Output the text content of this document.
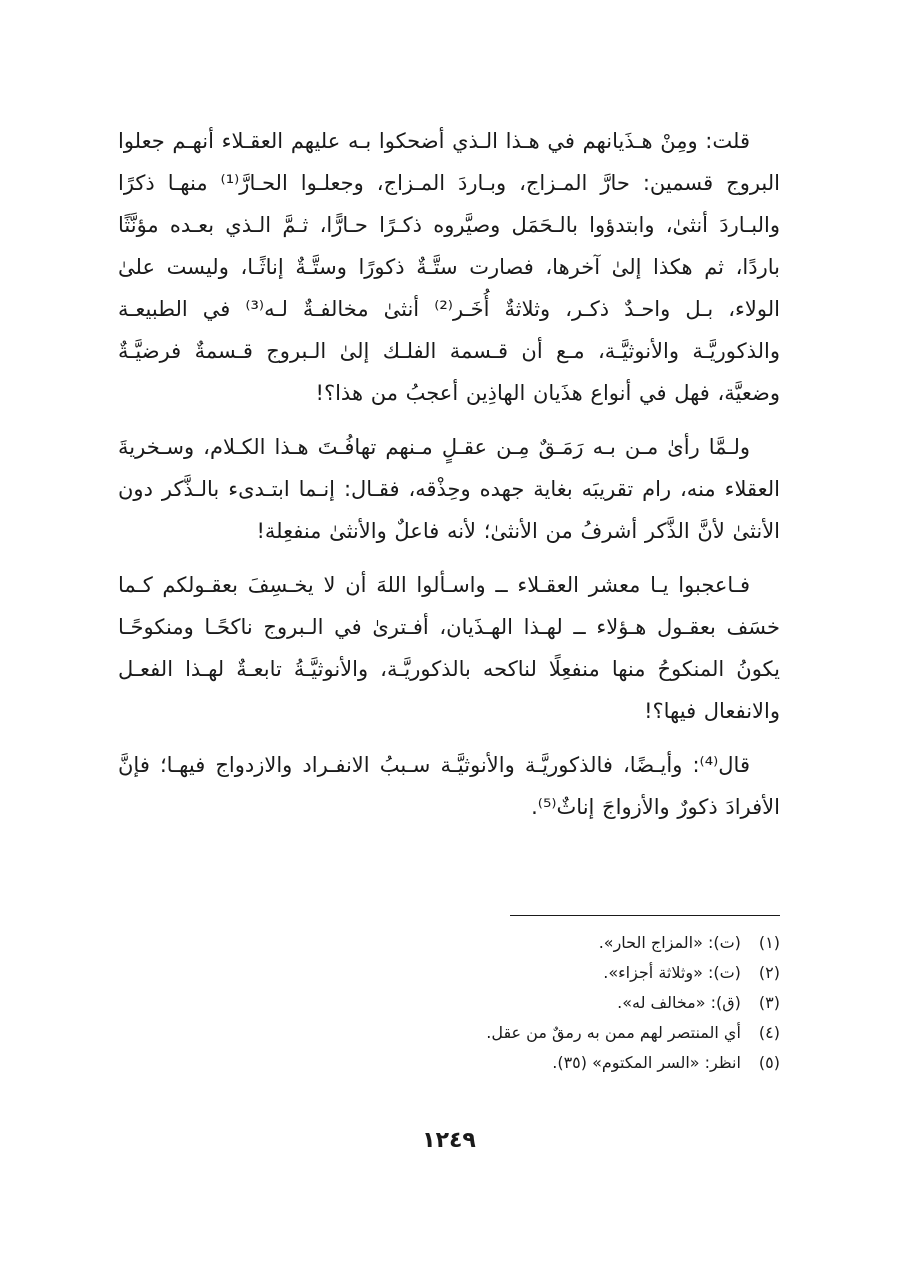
قلت: ومِنْ هـذَيانهم في هـذا الـذي أضحكوا بـه عليهم العقـلاء أنهـم جعلوا البروج قسمين: حارَّ المـزاج، وبـاردَ المـزاج، وجعلـوا الحـارَّ⁽¹⁾ منهـا ذكرًا والبـاردَ أنثىٰ، وابتدؤوا بالـحَمَل وصيَّروه ذكـرًا حـارًّا، ثـمَّ الـذي بعـده مؤنَّثًا باردًا، ثم هكذا إلىٰ آخرها، فصارت ستَّـةٌ ذكورًا وستَّـةٌ إناثًـا، وليست علىٰ الولاء، بـل واحـدٌ ذكـر، وثلاثةٌ أُخَـر⁽²⁾ أنثىٰ مخالفـةٌ لـه⁽³⁾ في الطبيعـة والذكوريَّـة والأنوثيَّـة، مـع أن قـسمة الفلـك إلىٰ الـبروج قـسمةٌ فرضيَّـةٌ وضعيَّة، فهل في أنواع هذَيان الهاذِين أعجبُ من هذا؟!

ولـمَّا رأىٰ مـن بـه رَمَـقٌ مِـن عقـلٍ مـنهم تهافُـتَ هـذا الكـلام، وسـخريةَ العقلاء منه، رام تقريبَه بغاية جهده وحِذْقه، فقـال: إنـما ابتـدىء بالـذَّكر دون الأنثىٰ لأنَّ الذَّكر أشرفُ من الأنثىٰ؛ لأنه فاعلٌ والأنثىٰ منفعِلة!

فـاعجبوا يـا معشر العقـلاء ــ واسـألوا اللهَ أن لا يخـسِفَ بعقـولكم كـما خسَف بعقـول هـؤلاء ــ لهـذا الهـذَيان، أفـترىٰ في الـبروج ناكحًـا ومنكوحًـا يكونُ المنكوحُ منها منفعِلًا لناكحه بالذكوريَّـة، والأنوثيَّـةُ تابعـةٌ لهـذا الفعـل والانفعال فيها؟!

قال⁽⁴⁾: وأيـضًا، فالذكوريَّـة والأنوثيَّـة سـببُ الانفـراد والازدواج فيهـا؛ فإنَّ الأفرادَ ذكورٌ والأزواجَ إناثٌ⁽⁵⁾.

(١) (ت): «المزاج الحار».
(٢) (ت): «وثلاثة أجزاء».
(٣) (ق): «مخالف له».
(٤) أي المنتصر لهم ممن به رمقٌ من عقل.
(٥) انظر: «السر المكتوم» (٣٥).
١٢٤٩
